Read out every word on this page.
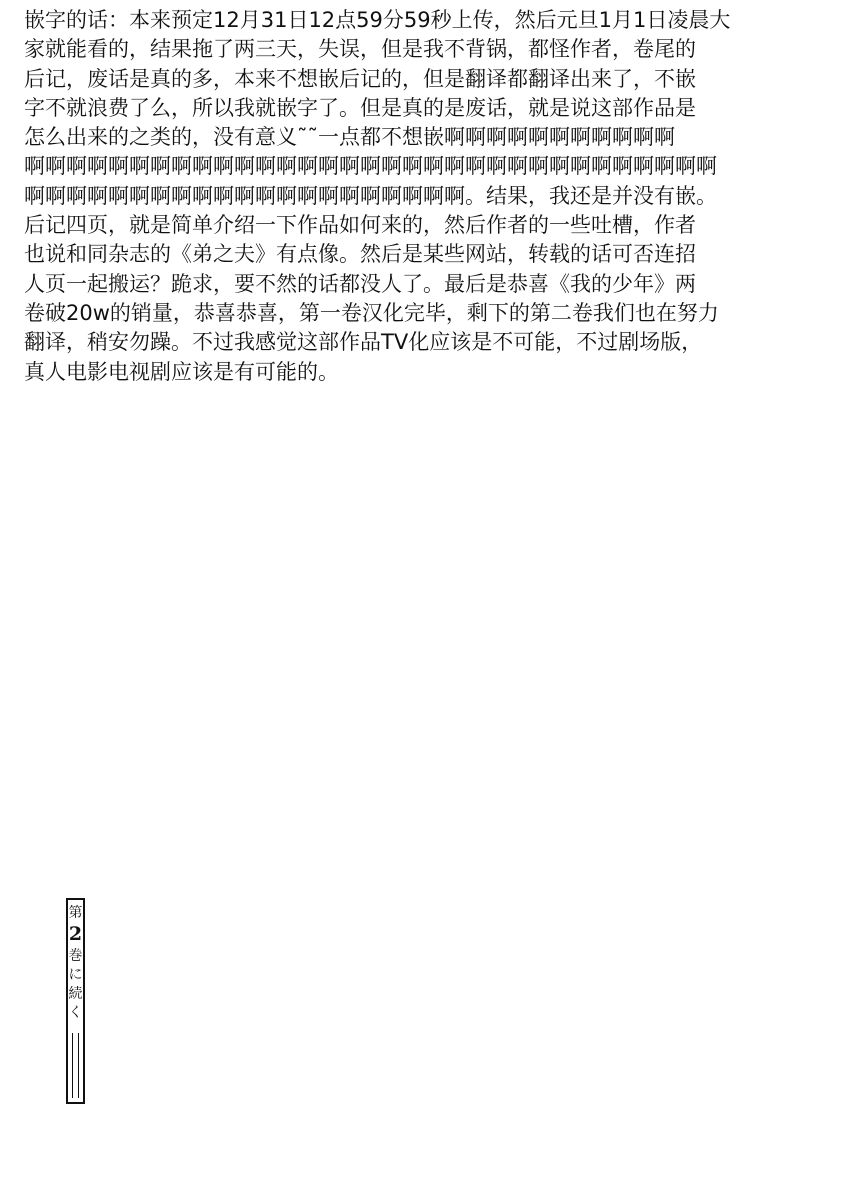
嵌字的话：本来预定12月31日12点59分59秒上传，然后元旦1月1日凌晨大
家就能看的，结果拖了两三天，失误，但是我不背锅，都怪作者，卷尾的
后记，废话是真的多，本来不想嵌后记的，但是翻译都翻译出来了，不嵌
字不就浪费了么，所以我就嵌字了。但是真的是废话，就是说这部作品是
怎么出来的之类的，没有意义˜˜一点都不想嵌啊啊啊啊啊啊啊啊啊啊啊
啊啊啊啊啊啊啊啊啊啊啊啊啊啊啊啊啊啊啊啊啊啊啊啊啊啊啊啊啊啊啊啊啊
啊啊啊啊啊啊啊啊啊啊啊啊啊啊啊啊啊啊啊啊啊。结果，我还是并没有嵌。
后记四页，就是简单介绍一下作品如何来的，然后作者的一些吐槽，作者
也说和同杂志的《弟之夫》有点像。然后是某些网站，转载的话可否连招
人页一起搬运？跪求，要不然的话都没人了。最后是恭喜《我的少年》两
卷破20w的销量，恭喜恭喜，第一卷汉化完毕，剩下的第二卷我们也在努力
翻译，稍安勿躁。不过我感觉这部作品TV化应该是不可能，不过剧场版，
真人电影电视剧应该是有可能的。
第
2
巻
に
続
く
